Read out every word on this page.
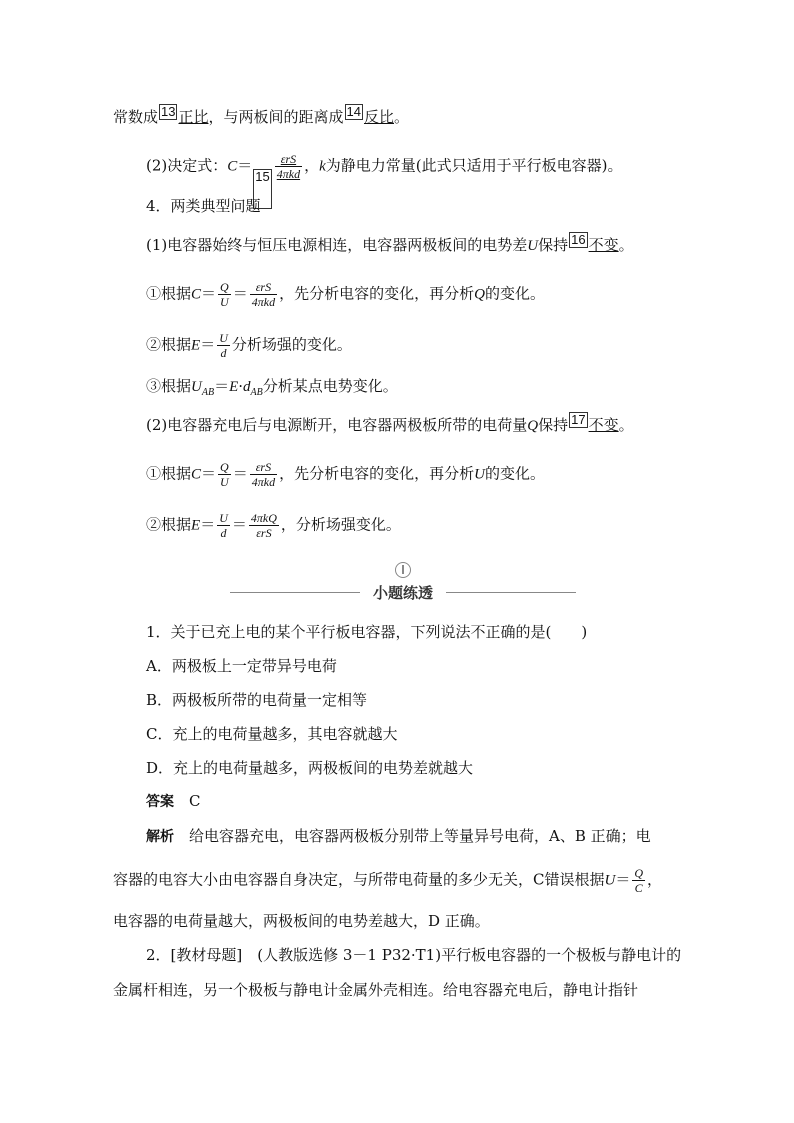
常数成 13 正比，与两板间的距离成 14 反比。
(2)决定式：$C=15 \frac{\text{εrS}}{\text{4πkd}}$ ，k为静电力常量(此式只适用于平行板电容器)。
4．两类典型问题
(1)电容器始终与恒压电源相连，电容器两极板间的电势差U保持 16 不变。
①根据$C= \frac{Q}{U} = \frac{\text{εrS}}{\text{4πkd}}$ ，先分析电容的变化，再分析Q的变化。
②根据$E= \frac{U}{d}$ 分析场强的变化。
③根据$U_{AB}=E\cdot d_{AB}$分析某点电势变化。
(2)电容器充电后与电源断开，电容器两极板所带的电荷量Q保持 17 不变。
①根据$C= \frac{Q}{U} = \frac{\text{εrS}}{\text{4πkd}}$ ，先分析电容的变化，再分析U的变化。
②根据$E= \frac{U}{d} = \frac{\text{4πkQ}}{\text{εrS}}$ ，分析场强变化。
小题练透
1．关于已充上电的某个平行板电容器，下列说法不正确的是(　　)
A．两极板上一定带异号电荷
B．两极板所带的电荷量一定相等
C．充上的电荷量越多，其电容就越大
D．充上的电荷量越多，两极板间的电势差就越大
答案　 C
解析　 给电容器充电，电容器两极板分别带上等量异号电荷，A、B 正确；电
容器的电容大小由电容器自身决定，与所带电荷量的多少无关，C错误根据$U= \frac{Q}{C}$ ，
电容器的电荷量越大，两极板间的电势差越大，D 正确。
2．[教材母题]　(人教版选修 3－1 P32·T1)平行板电容器的一个极板与静电计的
金属杆相连，另一个极板与静电计金属外壳相连。给电容器充电后，静电计指针
